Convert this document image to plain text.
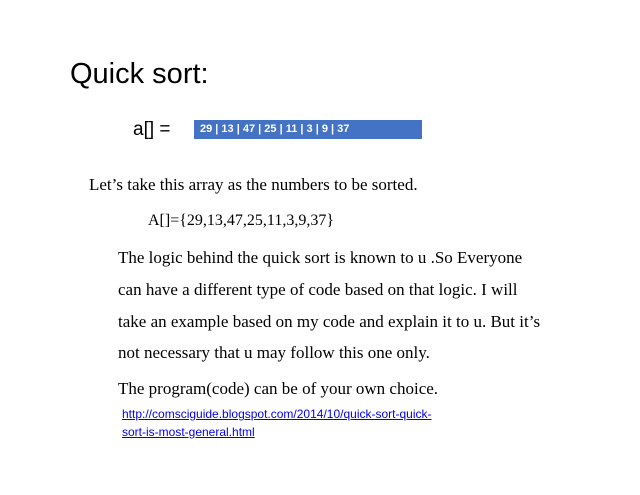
Quick sort:
a[] =	29 | 13 | 47 | 25 | 11 | 3 | 9 | 37
Let’s take this array as the numbers to be sorted.
A[]={29,13,47,25,11,3,9,37}
The logic behind the quick sort is known to u .So Everyone
can have a different type of code based on that logic. I will
take an example based on my code and explain it to u. But it’s
not necessary that u may follow this one only.
The program(code) can be of your own choice.
http://comsciguide.blogspot.com/2014/10/quick-sort-quick-
sort-is-most-general.html
